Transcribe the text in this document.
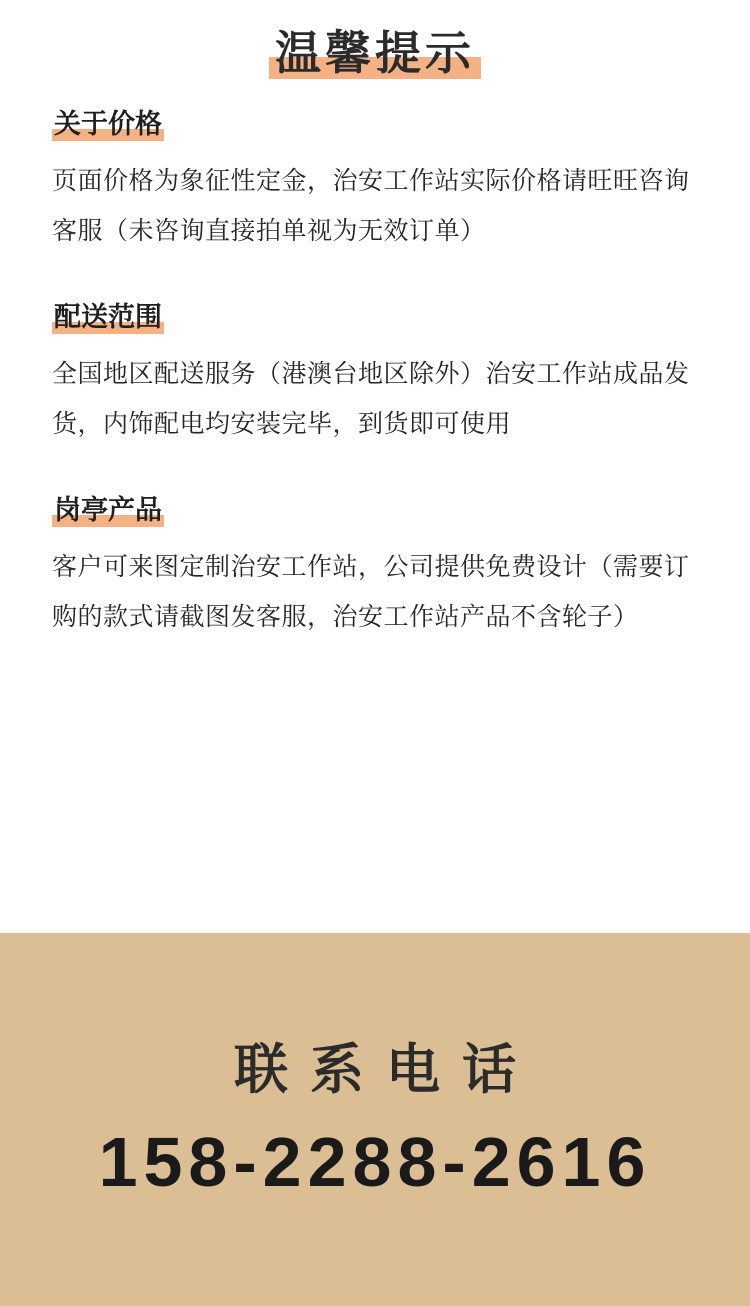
温馨提示
关于价格
页面价格为象征性定金，治安工作站实际价格请旺旺咨询客服（未咨询直接拍单视为无效订单）
配送范围
全国地区配送服务（港澳台地区除外）治安工作站成品发货，内饰配电均安装完毕，到货即可使用
岗亭产品
客户可来图定制治安工作站，公司提供免费设计（需要订购的款式请截图发客服，治安工作站产品不含轮子）
联系电话
158-2288-2616
